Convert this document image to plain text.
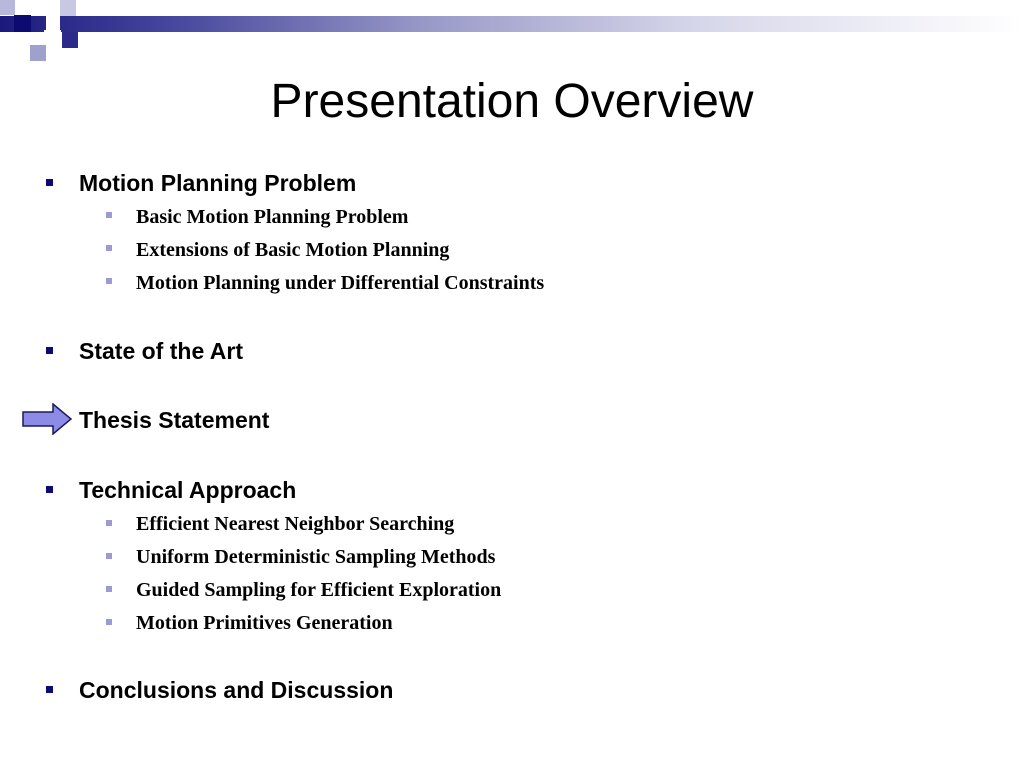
Presentation Overview
Motion Planning Problem
Basic Motion Planning Problem
Extensions of Basic Motion Planning
Motion Planning under Differential Constraints
State of the Art
Thesis Statement
Technical Approach
Efficient Nearest Neighbor Searching
Uniform Deterministic Sampling Methods
Guided Sampling for Efficient Exploration
Motion Primitives Generation
Conclusions and Discussion
